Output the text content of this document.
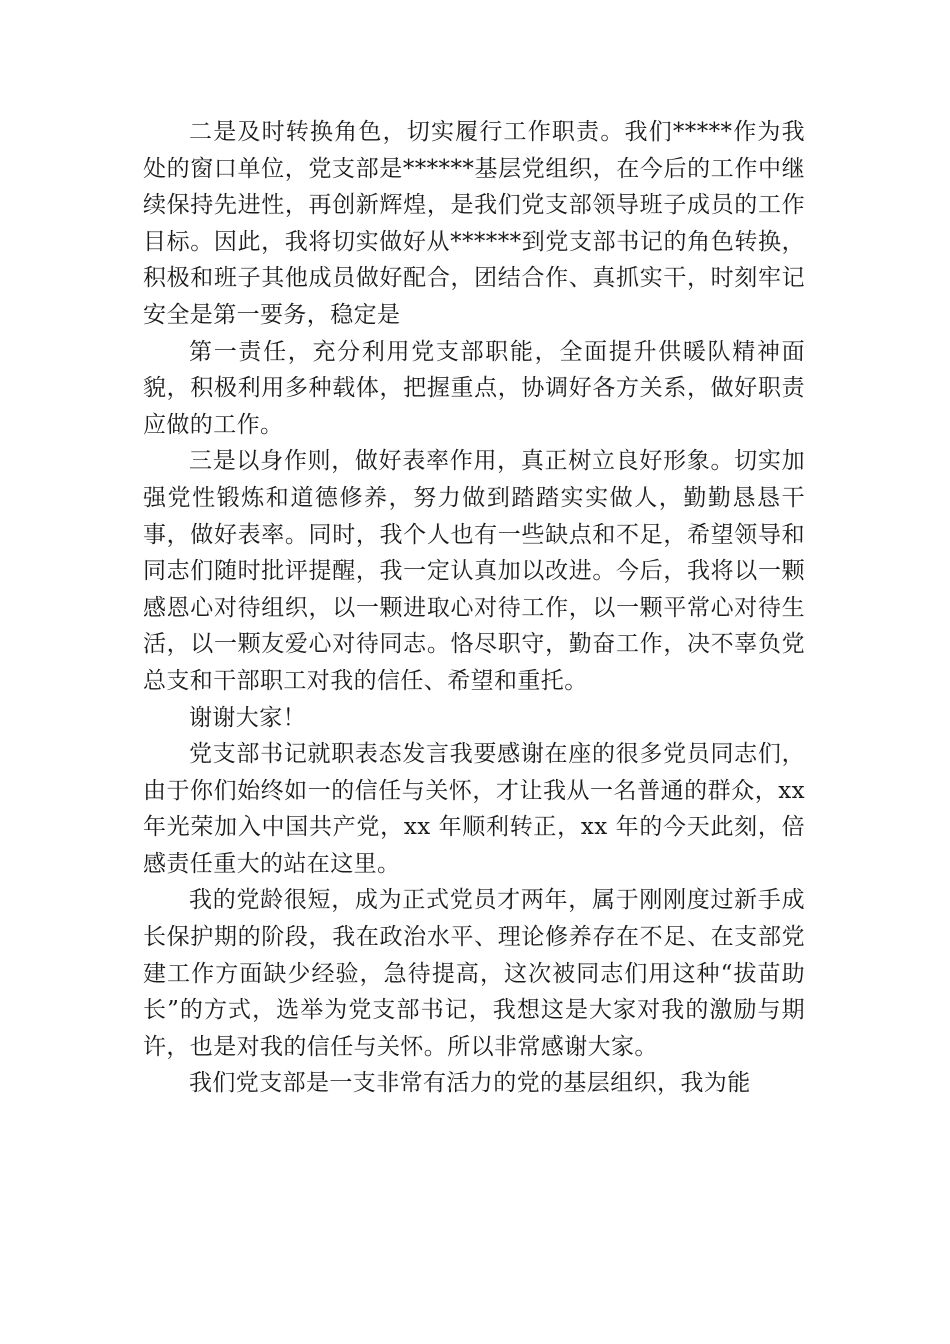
二是及时转换角色，切实履行工作职责。我们*****作为我处的窗口单位，党支部是******基层党组织，在今后的工作中继续保持先进性，再创新辉煌，是我们党支部领导班子成员的工作目标。因此，我将切实做好从******到党支部书记的角色转换，积极和班子其他成员做好配合，团结合作、真抓实干，时刻牢记安全是第一要务，稳定是

第一责任，充分利用党支部职能，全面提升供暖队精神面貌，积极利用多种载体，把握重点，协调好各方关系，做好职责应做的工作。

三是以身作则，做好表率作用，真正树立良好形象。切实加强党性锻炼和道德修养，努力做到踏踏实实做人，勤勤恳恳干事，做好表率。同时，我个人也有一些缺点和不足，希望领导和同志们随时批评提醒，我一定认真加以改进。今后，我将以一颗感恩心对待组织，以一颗进取心对待工作，以一颗平常心对待生活，以一颗友爱心对待同志。恪尽职守，勤奋工作，决不辜负党总支和干部职工对我的信任、希望和重托。

谢谢大家！

党支部书记就职表态发言我要感谢在座的很多党员同志们，由于你们始终如一的信任与关怀，才让我从一名普通的群众，xx 年光荣加入中国共产党，xx 年顺利转正，xx 年的今天此刻，倍感责任重大的站在这里。

我的党龄很短，成为正式党员才两年，属于刚刚度过新手成长保护期的阶段，我在政治水平、理论修养存在不足、在支部党建工作方面缺少经验，急待提高，这次被同志们用这种“拔苗助长”的方式，选举为党支部书记，我想这是大家对我的激励与期许，也是对我的信任与关怀。所以非常感谢大家。

我们党支部是一支非常有活力的党的基层组织，我为能
